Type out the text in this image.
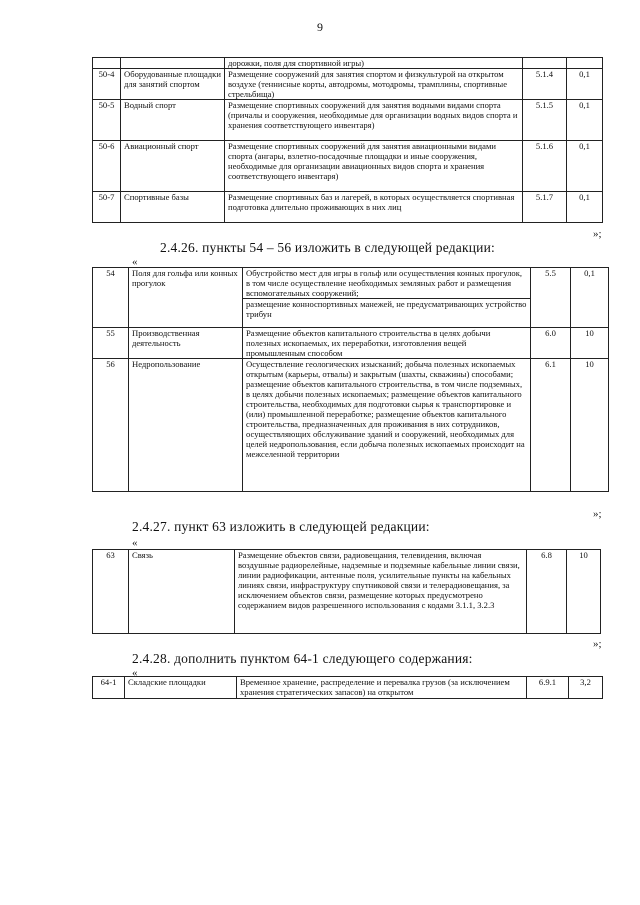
9
		дорожки, поля для спортивной игры)		
50-4	Оборудованные площадки для занятий спортом	Размещение сооружений для занятия спортом и физкультурой на открытом воздухе (теннисные корты, автодромы, мотодромы, трамплины, спортивные стрельбища)	5.1.4	0,1
50-5	Водный спорт	Размещение спортивных сооружений для занятия водными видами спорта (причалы и сооружения, необходимые для организации водных видов спорта и хранения соответствующего инвентаря)	5.1.5	0,1
50-6	Авиационный спорт	Размещение спортивных сооружений для занятия авиационными видами спорта (ангары, взлетно-посадочные площадки и иные сооружения, необходимые для организации авиационных видов спорта и хранения соответствующего инвентаря)	5.1.6	0,1
50-7	Спортивные базы	Размещение спортивных баз и лагерей, в которых осуществляется спортивная подготовка длительно проживающих в них лиц	5.1.7	0,1
»;
2.4.26. пункты 54 – 56 изложить в следующей редакции:
«
54	Поля для гольфа или конных прогулок	Обустройство мест для игры в гольф или осуществления конных прогулок, в том числе осуществление необходимых земляных работ и размещения вспомогательных сооружений;
размещение конноспортивных манежей, не предусматривающих устройство трибун	5.5	0,1
55	Производственная деятельность	Размещение объектов капитального строительства в целях добычи полезных ископаемых, их переработки, изготовления вещей промышленным способом	6.0	10
56	Недропользование	Осуществление геологических изысканий; добыча полезных ископаемых открытым (карьеры, отвалы) и закрытым (шахты, скважины) способами; размещение объектов капитального строительства, в том числе подземных, в целях добычи полезных ископаемых; размещение объектов капитального строительства, необходимых для подготовки сырья к транспортировке и (или) промышленной переработке; размещение объектов капитального строительства, предназначенных для проживания в них сотрудников, осуществляющих обслуживание зданий и сооружений, необходимых для целей недропользования, если добыча полезных ископаемых происходит на межселенной территории	6.1	10
»;
2.4.27. пункт 63 изложить в следующей редакции:
«
63	Связь	Размещение объектов связи, радиовещания, телевидения, включая воздушные радиорелейные, надземные и подземные кабельные линии связи, линии радиофикации, антенные поля, усилительные пункты на кабельных линиях связи, инфраструктуру спутниковой связи и телерадиовещания, за исключением объектов связи, размещение которых предусмотрено содержанием видов разрешенного использования с кодами 3.1.1, 3.2.3	6.8	10
»;
2.4.28. дополнить пунктом 64-1 следующего содержания:
«
64-1	Складские площадки	Временное хранение, распределение и перевалка грузов (за исключением хранения стратегических запасов) на открытом	6.9.1	3,2
